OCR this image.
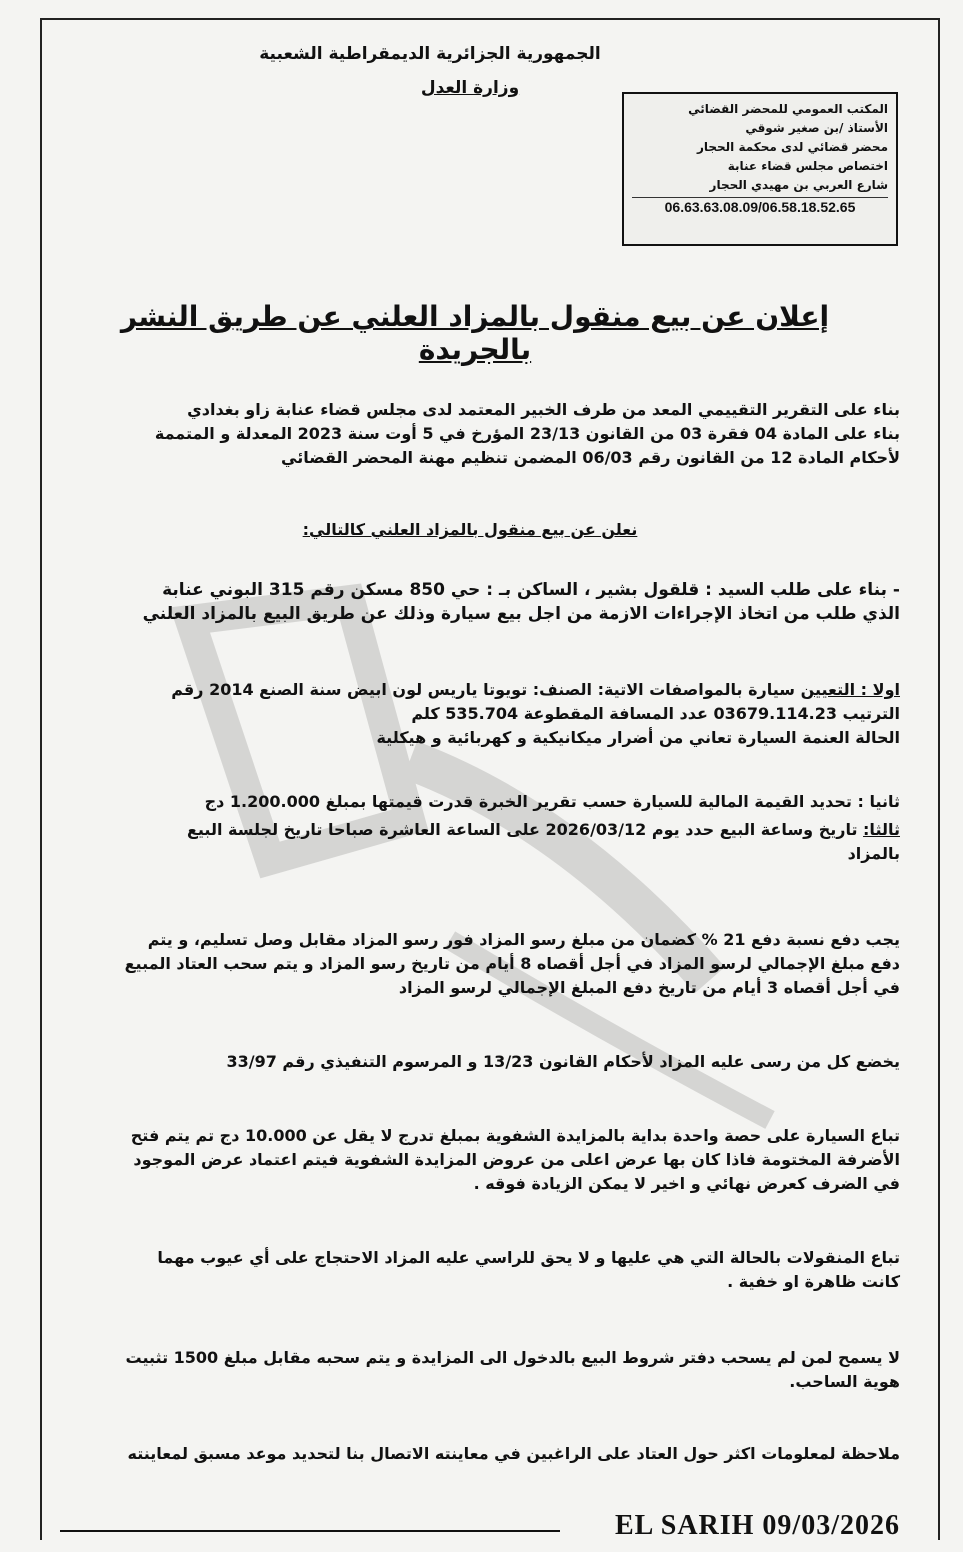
الجمهورية الجزائرية الديمقراطية الشعبية
وزارة العدل
المكتب العمومي للمحضر القضائي
الأستاذ /بن صغير شوقي
محضر قضائي لدى محكمة الحجار
اختصاص مجلس قضاء عنابة
شارع العربي بن مهيدي الحجار
06.63.63.08.09/06.58.18.52.65
إعلان عن بيع منقول بالمزاد العلني عن طريق النشر بالجريدة
بناء على التقرير التقييمي المعد من طرف الخبير المعتمد لدى مجلس قضاء عنابة زاو بغدادي
بناء على المادة 04 فقرة 03 من القانون 23/13 المؤرخ في 5 أوت سنة 2023 المعدلة و المتممة
لأحكام المادة 12 من القانون رقم 06/03 المضمن تنظيم مهنة المحضر القضائي
نعلن عن بيع منقول بالمزاد العلني كالتالي:
- بناء على طلب السيد : قلقول بشير ، الساكن بـ : حي 850 مسكن رقم 315 البوني عنابة
الذي طلب من اتخاذ الإجراءات الازمة من اجل بيع سيارة وذلك عن طريق البيع بالمزاد العلني
اولا : التعيين سيارة بالمواصفات الاتية: الصنف: تويوتا ياريس لون ابيض سنة الصنع 2014 رقم
الترتيب 03679.114.23 عدد المسافة المقطوعة 535.704 كلم
الحالة العنمة السيارة تعاني من أضرار ميكانيكية و كهربائية و هيكلية
ثانيا : تحديد القيمة المالية للسيارة حسب تقرير الخبرة قدرت قيمتها بمبلغ 1.200.000 دج
ثالثا: تاريخ وساعة البيع حدد يوم 2026/03/12 على الساعة العاشرة صباحا تاريخ لجلسة البيع
بالمزاد
يجب دفع نسبة دفع 21 % كضمان من مبلغ رسو المزاد فور رسو المزاد مقابل وصل تسليم، و يتم
دفع مبلغ الإجمالي لرسو المزاد في أجل أقصاه 8 أيام من تاريخ رسو المزاد و يتم سحب العتاد المبيع
في أجل أقصاه 3 أيام من تاريخ دفع المبلغ الإجمالي لرسو المزاد
يخضع كل من رسى عليه المزاد لأحكام القانون 13/23 و المرسوم التنفيذي رقم 33/97
تباع السيارة على حصة واحدة بداية بالمزايدة الشفوية بمبلغ تدرج لا يقل عن 10.000 دج تم يتم فتح
الأضرفة المختومة فاذا كان بها عرض اعلى من عروض المزايدة الشفوية فيتم اعتماد عرض الموجود
في الضرف كعرض نهائي و اخير لا يمكن الزيادة فوقه .
تباع المنقولات بالحالة التي هي عليها و لا يحق للراسي عليه المزاد الاحتجاج على أي عيوب مهما
كانت ظاهرة او خفية .
لا يسمح لمن لم يسحب دفتر شروط البيع بالدخول الى المزايدة و يتم سحبه مقابل مبلغ 1500 تثبيت
هوية الساحب.
ملاحظة لمعلومات اكثر حول العتاد على الراغبين في معاينته الاتصال بنا لتحديد موعد مسبق لمعاينته
EL SARIH 09/03/2026
